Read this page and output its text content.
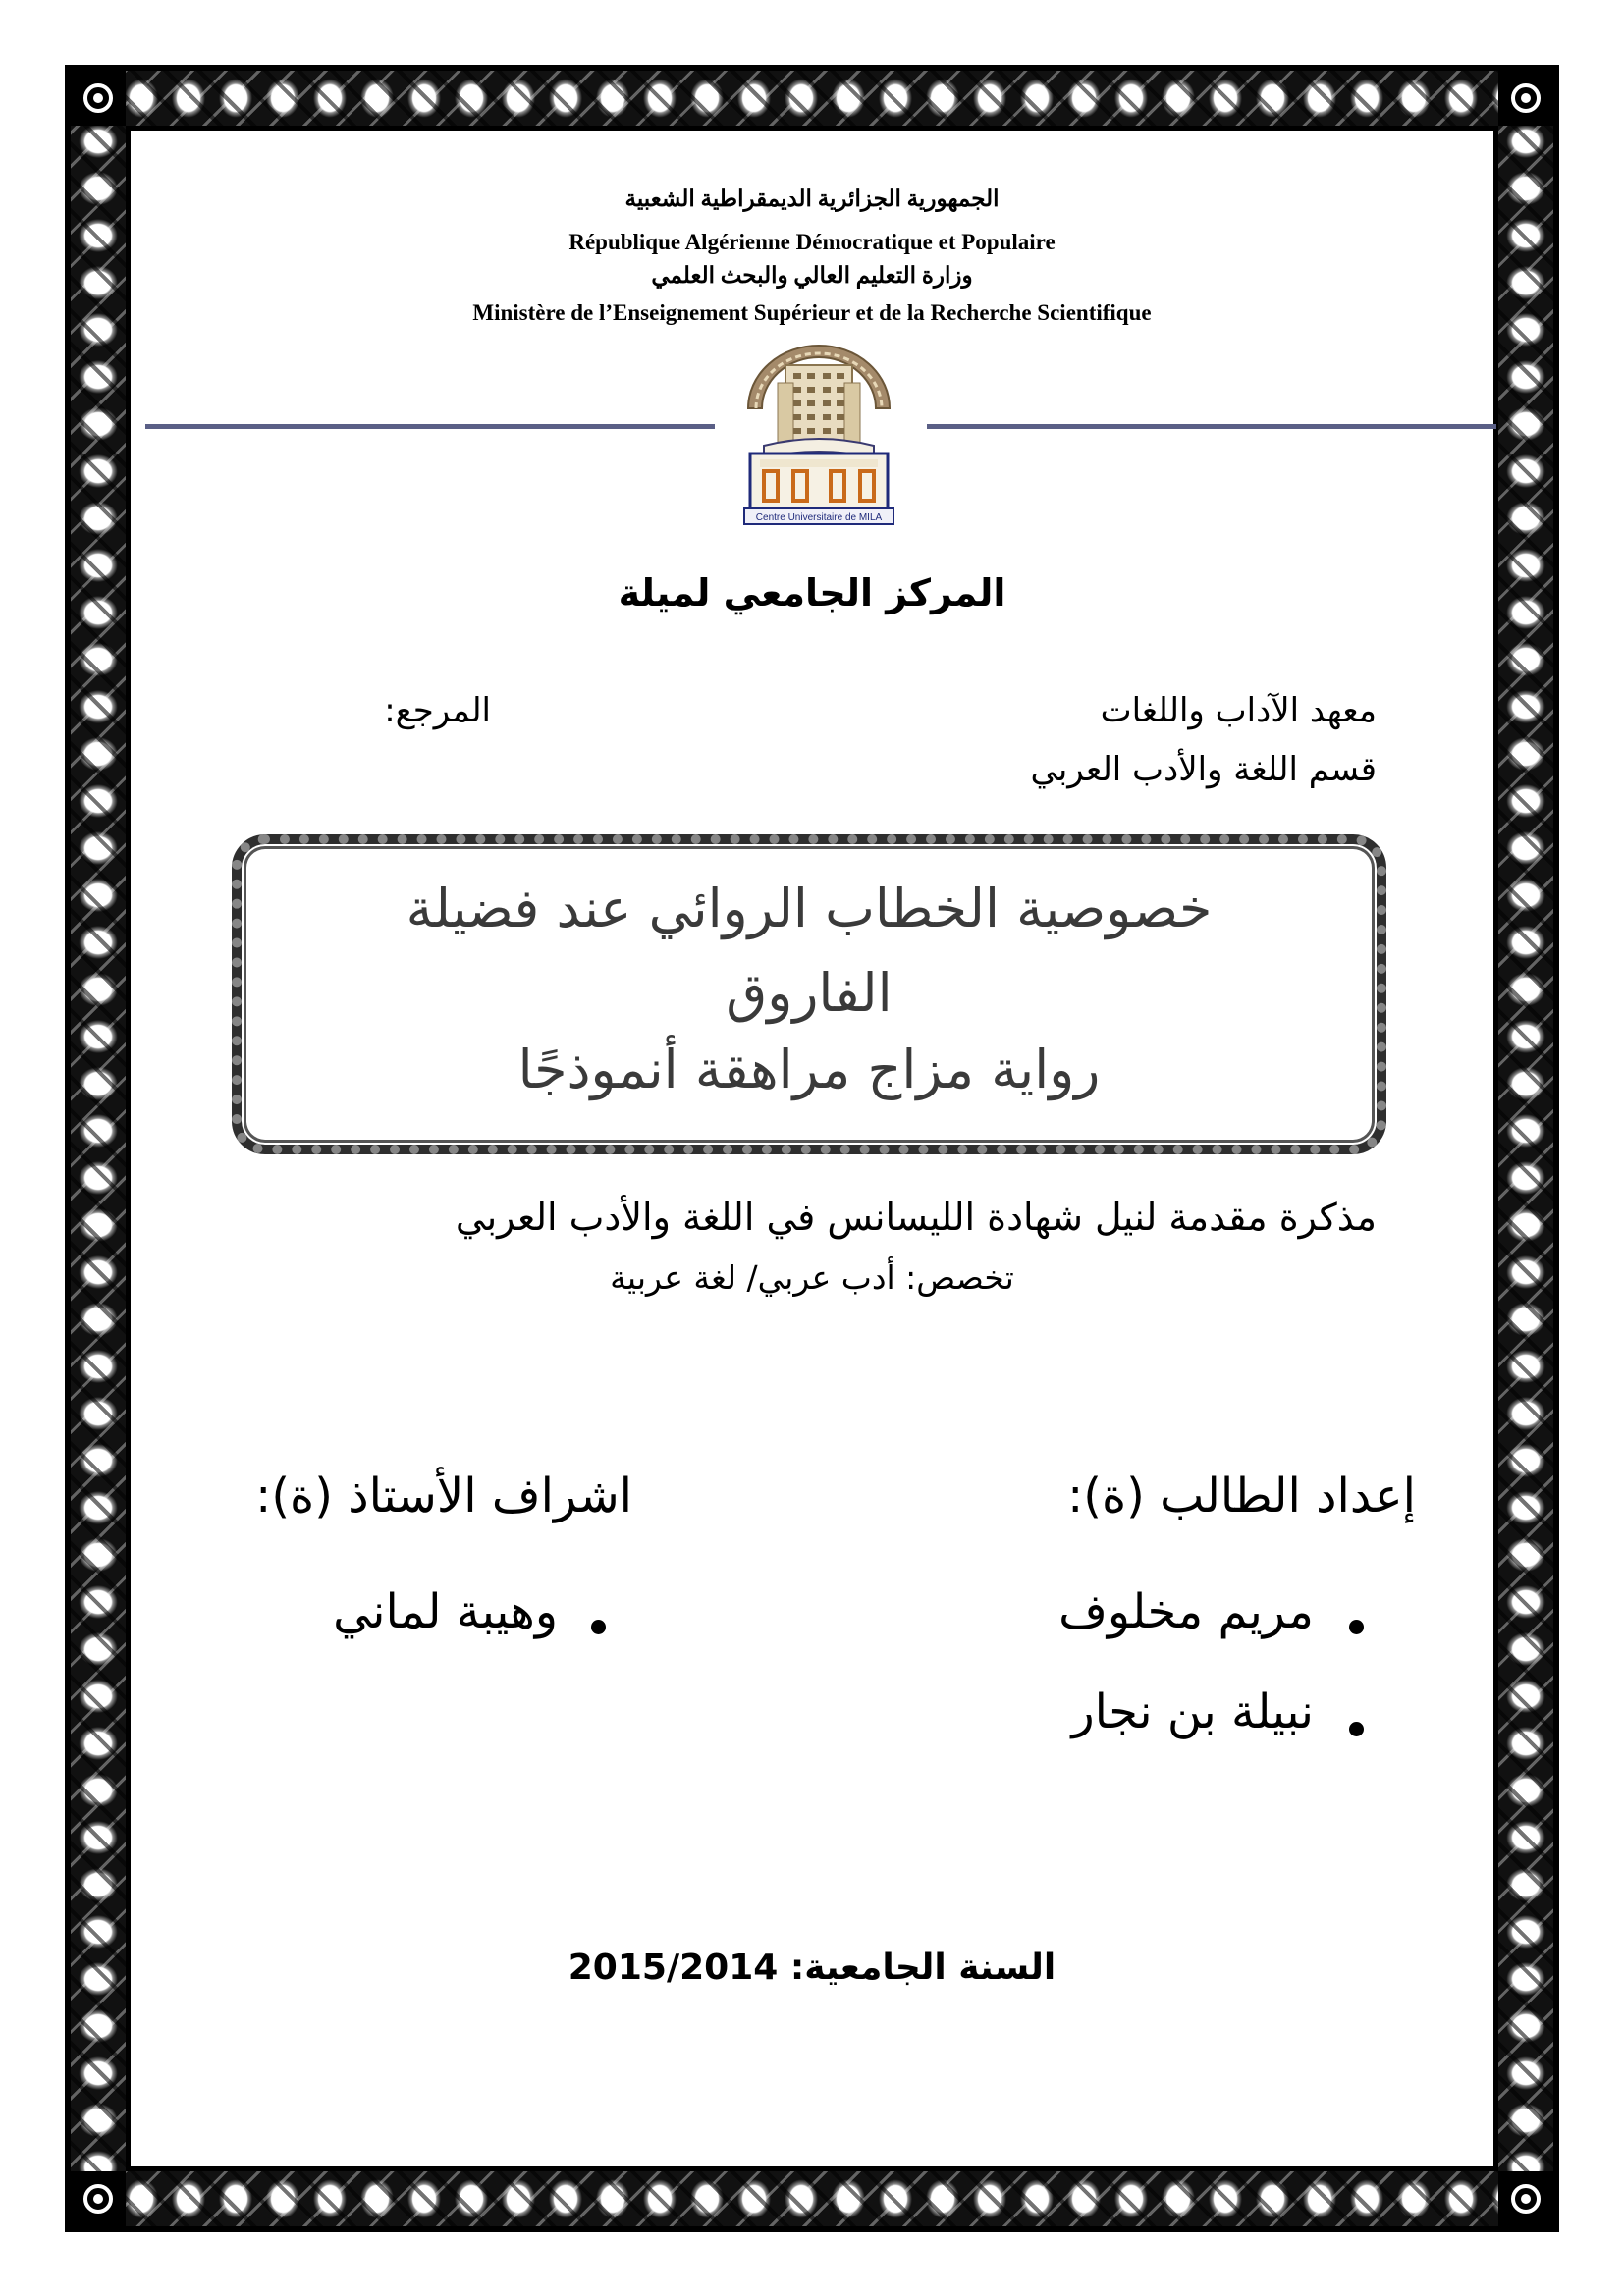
الجمهورية الجزائرية الديمقراطية الشعبية
République Algérienne Démocratique et Populaire
وزارة التعليم العالي والبحث العلمي
Ministère de l’Enseignement Supérieur et de la Recherche Scientifique
Centre Universitaire de MILA
المركز الجامعي لميلة
معهد الآداب واللغات
المرجع:
قسم اللغة والأدب العربي
خصوصية الخطاب الروائي عند فضيلة
الفاروق
رواية مزاج مراهقة أنموذجًا
مذكرة مقدمة لنيل شهادة الليسانس في اللغة والأدب العربي
تخصص: أدب عربي/ لغة عربية
إعداد الطالب (ة):
اشراف الأستاذ (ة):
مريم مخلوف
نبيلة بن نجار
وهيبة لماني
السنة الجامعية: 2015/2014
